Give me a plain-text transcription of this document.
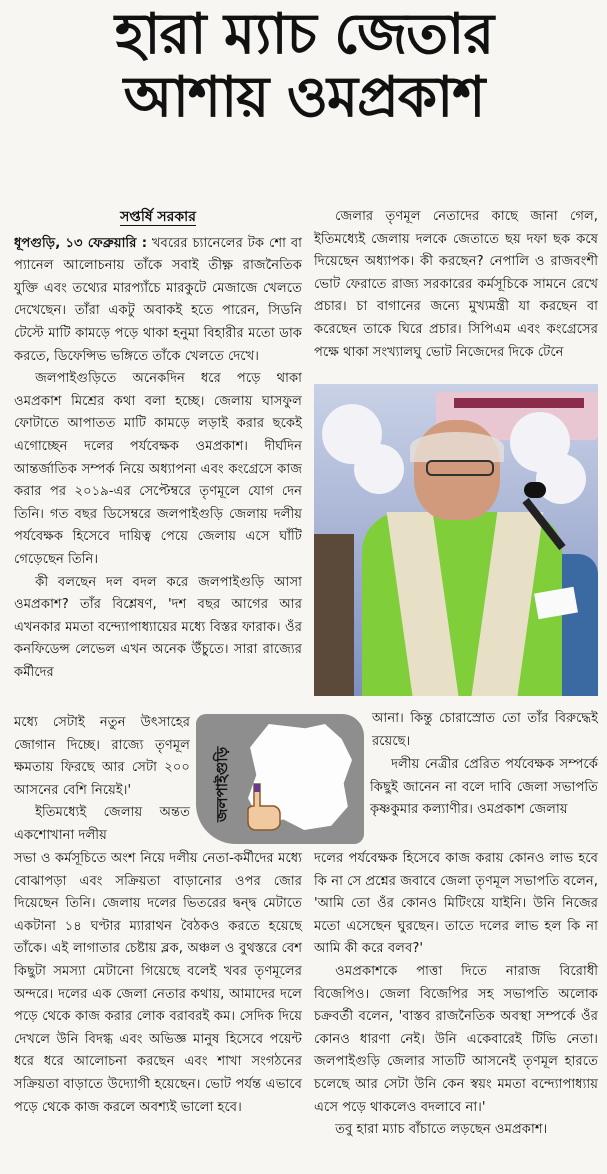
হারা ম্যাচ জেতার
আশায় ওমপ্রকাশ
সপ্তর্ষি সরকার

ধূপগুড়ি, ১৩ ফেব্রুয়ারি : খবরের চ্যানেলের টক শো বা প্যানেল আলোচনায় তাঁকে সবাই তীক্ষ্ণ রাজনৈতিক যুক্তি এবং তথ্যের মারপ্যাঁচে মারকুটে মেজাজে খেলতে দেখেছেন। তাঁরা একটু অবাকই হতে পারেন, সিডনি টেস্টে মাটি কামড়ে পড়ে থাকা হনুমা বিহারীর মতো ডাক করতে, ডিফেন্সিভ ভঙ্গিতে তাঁকে খেলতে দেখে।

জলপাইগুড়িতে অনেকদিন ধরে পড়ে থাকা ওমপ্রকাশ মিশ্রের কথা বলা হচ্ছে। জেলায় ঘাসফুল ফোটাতে আপাতত মাটি কামড়ে লড়াই করার ছকেই এগোচ্ছেন দলের পর্যবেক্ষক ওমপ্রকাশ। দীর্ঘদিন আন্তর্জাতিক সম্পর্ক নিয়ে অধ্যাপনা এবং কংগ্রেসে কাজ করার পর ২০১৯-এর সেপ্টেম্বরে তৃণমূলে যোগ দেন তিনি। গত বছর ডিসেম্বরে জলপাইগুড়ি জেলায় দলীয় পর্যবেক্ষক হিসেবে দায়িত্ব পেয়ে জেলায় এসে ঘাঁটি গেড়েছেন তিনি।

কী বলছেন দল বদল করে জলপাইগুড়ি আসা ওমপ্রকাশ? তাঁর বিশ্লেষণ, 'দশ বছর আগের আর এখনকার মমতা বন্দ্যোপাধ্যায়ের মধ্যে বিস্তর ফারাক। ওঁর কনফিডেন্স লেভেল এখন অনেক উঁচুতে। সারা রাজ্যের কর্মীদের

মধ্যে সেটাই নতুন উৎসাহের জোগান দিচ্ছে। রাজ্যে তৃণমূল ক্ষমতায় ফিরছে আর সেটা ২০০ আসনের বেশি নিয়েই।'

ইতিমধ্যেই জেলায় অন্তত একশোখানা দলীয়

সভা ও কর্মসূচিতে অংশ নিয়ে দলীয় নেতা-কর্মীদের মধ্যে বোঝাপড়া এবং সক্রিয়তা বাড়ানোর ওপর জোর দিয়েছেন তিনি। জেলায় দলের ভিতরের দ্বন্দ্ব মেটাতে একটানা ১৪ ঘণ্টার ম্যারাথন বৈঠকও করতে হয়েছে তাঁকে। এই লাগাতার চেষ্টায় ব্লক, অঞ্চল ও বুথস্তরে বেশ কিছুটা সমস্যা মেটানো গিয়েছে বলেই খবর তৃণমূলের অন্দরে। দলের এক জেলা নেতার কথায়, আমাদের দলে পড়ে থেকে কাজ করার লোক বরাবরই কম। সেদিক দিয়ে দেখলে উনি বিদগ্ধ এবং অভিজ্ঞ মানুষ হিসেবে পয়েন্ট ধরে ধরে আলোচনা করছেন এবং শাখা সংগঠনের সক্রিয়তা বাড়াতে উদ্যোগী হয়েছেন। ভোট পর্যন্ত এভাবে পড়ে থেকে কাজ করলে অবশ্যই ভালো হবে।

জেলার তৃণমূল নেতাদের কাছে জানা গেল, ইতিমধ্যেই জেলায় দলকে জেতাতে ছয় দফা ছক কষে দিয়েছেন অধ্যাপক। কী করছেন? নেপালি ও রাজবংশী ভোট ফেরাতে রাজ্য সরকারের কর্মসূচিকে সামনে রেখে প্রচার। চা বাগানের জন্যে মুখ্যমন্ত্রী যা করছেন বা করেছেন তাকে ঘিরে প্রচার। সিপিএম এবং কংগ্রেসের পক্ষে থাকা সংখ্যালঘু ভোট নিজেদের দিকে টেনে

আনা। কিন্তু চোরাস্রোত তো তাঁর বিরুদ্ধেই রয়েছে।

দলীয় নেত্রীর প্রেরিত পর্যবেক্ষক সম্পর্কে কিছুই জানেন না বলে দাবি জেলা সভাপতি কৃষ্ণকুমার কল্যাণীর। ওমপ্রকাশ জেলায়

দলের পর্যবেক্ষক হিসেবে কাজ করায় কোনও লাভ হবে কি না সে প্রশ্নের জবাবে জেলা তৃণমূল সভাপতি বলেন, 'আমি তো ওঁর কোনও মিটিংয়ে যাইনি। উনি নিজের মতো এসেছেন ঘুরছেন। তাতে দলের লাভ হল কি না আমি কী করে বলব?'

ওমপ্রকাশকে পাত্তা দিতে নারাজ বিরোধী বিজেপিও। জেলা বিজেপির সহ সভাপতি অলোক চক্রবর্তী বলেন, 'বাস্তব রাজনৈতিক অবস্থা সম্পর্কে ওঁর কোনও ধারণা নেই। উনি একেবারেই টিভি নেতা। জলপাইগুড়ি জেলার সাতটি আসনেই তৃণমূল হারতে চলেছে আর সেটা উনি কেন স্বয়ং মমতা বন্দ্যোপাধ্যায় এসে পড়ে থাকলেও বদলাবে না।'

তবু হারা ম্যাচ বাঁচাতে লড়ছেন ওমপ্রকাশ।

জলপাইগুড়ি
